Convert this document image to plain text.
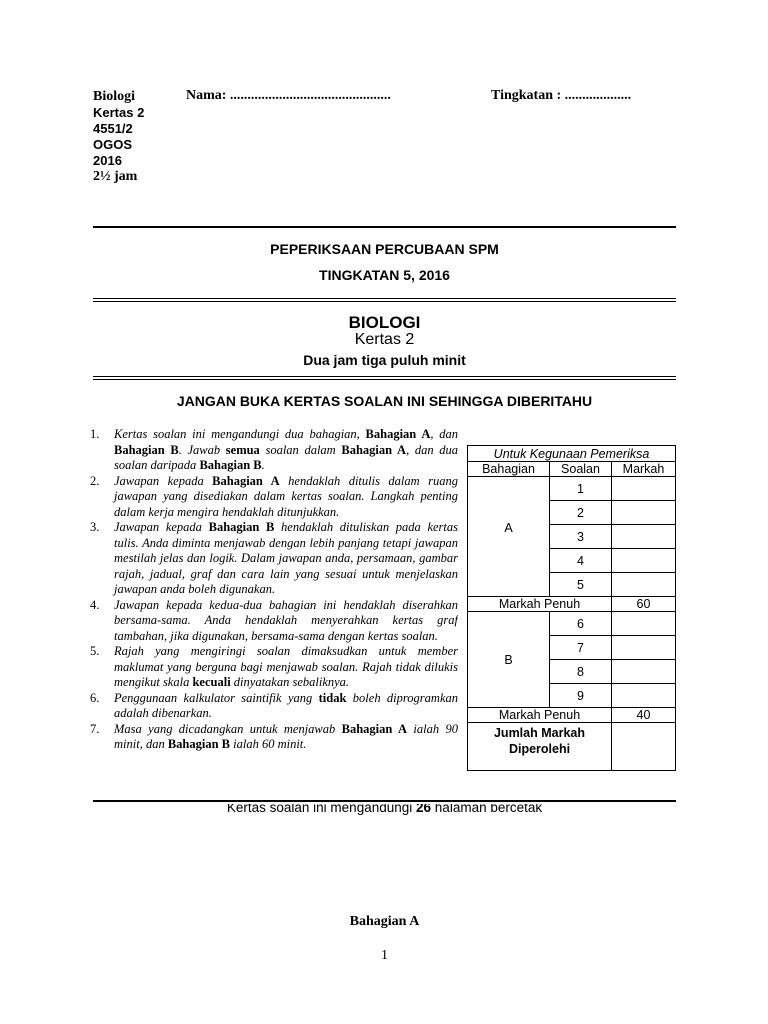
Biologi
Kertas 2
4551/2
OGOS
2016
2½ jam
Nama: ..............................................	Tingkatan : ...................
PEPERIKSAAN PERCUBAAN SPM
TINGKATAN 5, 2016
BIOLOGI
Kertas 2
Dua jam tiga puluh minit
JANGAN BUKA KERTAS SOALAN INI SEHINGGA DIBERITAHU
1.	Kertas soalan ini mengandungi dua bahagian, Bahagian A, dan Bahagian B. Jawab semua soalan dalam Bahagian A, dan dua soalan daripada Bahagian B.
2.	Jawapan kepada Bahagian A hendaklah ditulis dalam ruang jawapan yang disediakan dalam kertas soalan. Langkah penting dalam kerja mengira hendaklah ditunjukkan.
3.	Jawapan kepada Bahagian B hendaklah dituliskan pada kertas tulis. Anda diminta menjawab dengan lebih panjang tetapi jawapan mestilah jelas dan logik. Dalam jawapan anda, persamaan, gambar rajah, jadual, graf dan cara lain yang sesuai untuk menjelaskan jawapan anda boleh digunakan.
4.	Jawapan kepada kedua-dua bahagian ini hendaklah diserahkan bersama-sama. Anda hendaklah menyerahkan kertas graf tambahan, jika digunakan, bersama-sama dengan kertas soalan.
5.	Rajah yang mengiringi soalan dimaksudkan untuk member maklumat yang berguna bagi menjawab soalan. Rajah tidak dilukis mengikut skala kecuali dinyatakan sebaliknya.
6.	Penggunaan kalkulator saintifik yang tidak boleh diprogramkan adalah dibenarkan.
7.	Masa yang dicadangkan untuk menjawab Bahagian A ialah 90 minit, dan Bahagian B ialah 60 minit.
Untuk Kegunaan Pemeriksa		
Bahagian	Soalan	Markah
A	1	
	2	
	3	
	4	
	5	
Markah Penuh		60
B	6	
	7	
	8	
	9	
Markah Penuh		40
Jumlah Markah
Diperolehi		
Kertas soalan ini mengandungi 26 halaman bercetak
Bahagian A
1
